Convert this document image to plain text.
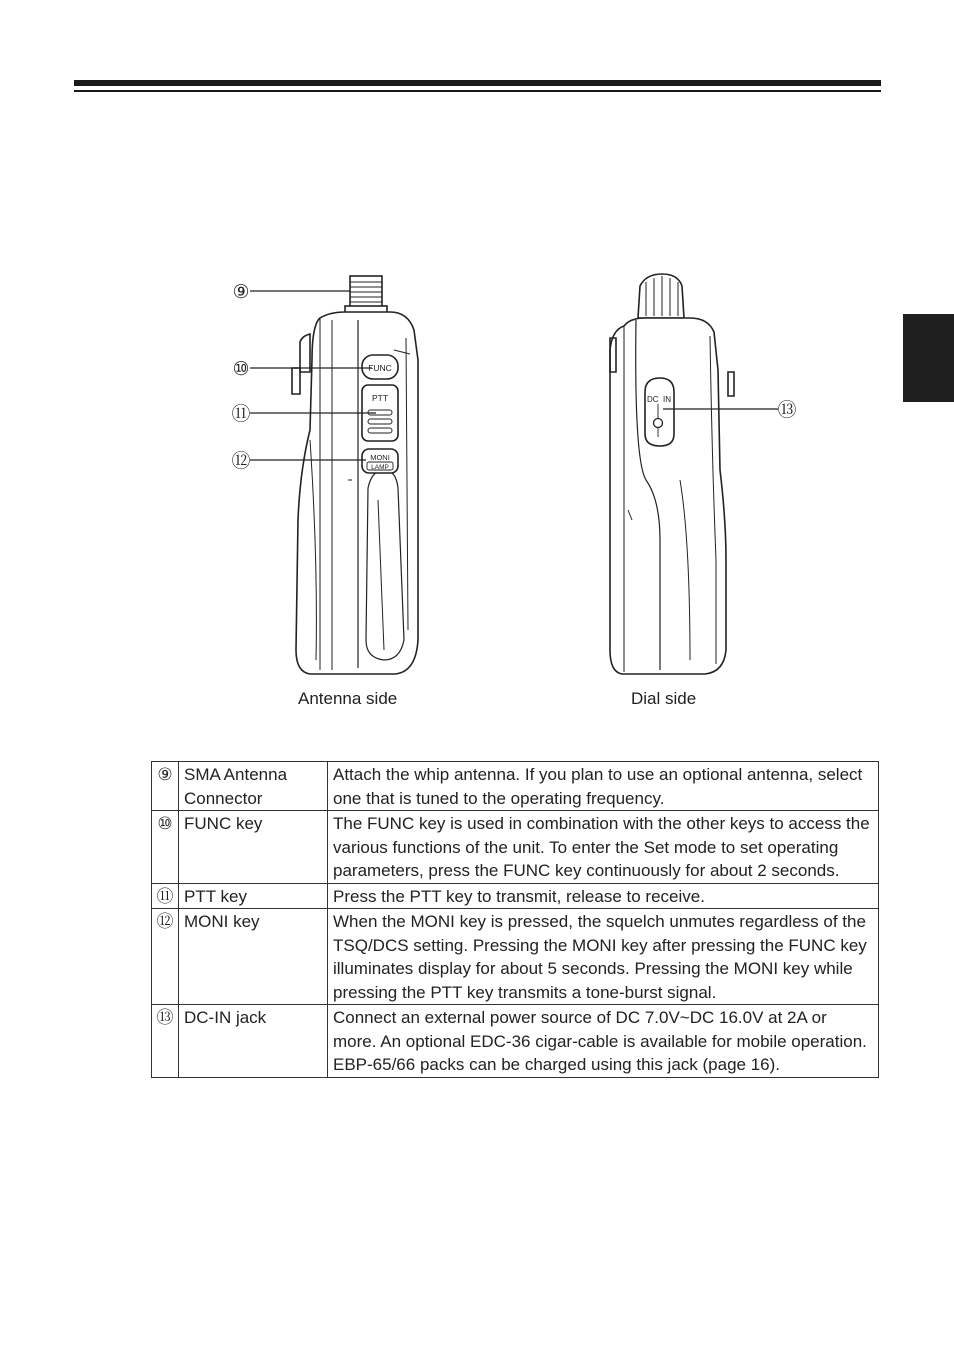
⑨
⑩
⑪
⑫
FUNC
PTT
MONI
LAMP
⑬
DC  IN
Antenna side	Dial side
⑨	SMA Antenna Connector	Attach the whip antenna. If you plan to use an optional antenna, select one that is tuned to the operating frequency.
⑩	FUNC key	The FUNC key is used in combination with the other keys to access the various functions of the unit. To enter the Set mode to set operating parameters, press the FUNC key continuously for about 2 seconds.
⑪	PTT key	Press the PTT key to transmit, release to receive.
⑫	MONI key	When the MONI key is pressed, the squelch unmutes regardless of the TSQ/DCS setting. Pressing the MONI key after pressing the FUNC key illuminates display for about 5 seconds. Pressing the MONI key while pressing the PTT key transmits a tone-burst signal.
⑬	DC-IN jack	Connect an external power source of DC 7.0V~DC 16.0V at 2A or more. An optional EDC-36 cigar-cable is available for mobile operation. EBP-65/66 packs can be charged using this jack (page 16).
